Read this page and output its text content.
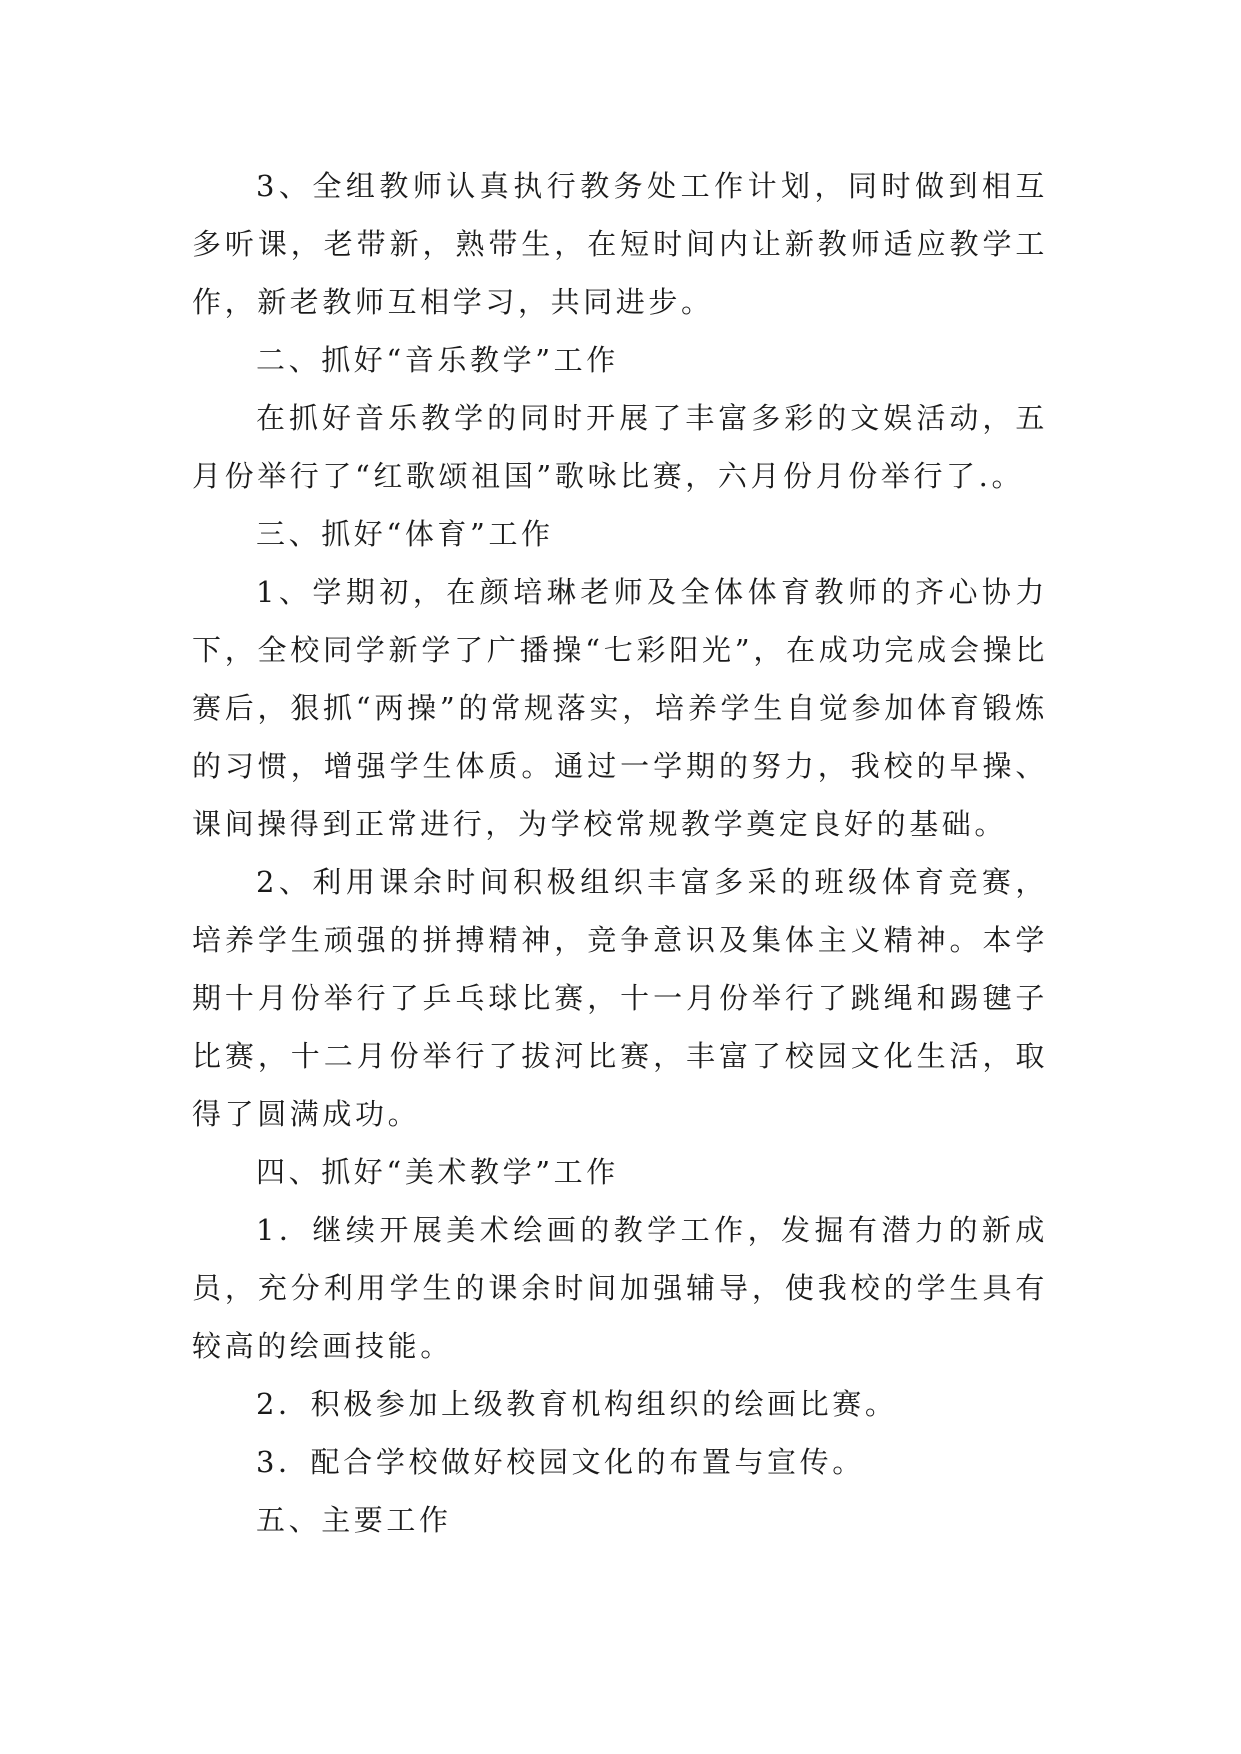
3、全组教师认真执行教务处工作计划，同时做到相互多听课，老带新，熟带生，在短时间内让新教师适应教学工作，新老教师互相学习，共同进步。

二、抓好“音乐教学”工作

在抓好音乐教学的同时开展了丰富多彩的文娱活动，五月份举行了“红歌颂祖国”歌咏比赛，六月份月份举行了.。

三、抓好“体育”工作

1、学期初，在颜培琳老师及全体体育教师的齐心协力下，全校同学新学了广播操“七彩阳光”，在成功完成会操比赛后，狠抓“两操”的常规落实，培养学生自觉参加体育锻炼的习惯，增强学生体质。通过一学期的努力，我校的早操、课间操得到正常进行，为学校常规教学奠定良好的基础。

2、利用课余时间积极组织丰富多采的班级体育竞赛，培养学生顽强的拼搏精神，竞争意识及集体主义精神。本学期十月份举行了乒乓球比赛，十一月份举行了跳绳和踢毽子比赛，十二月份举行了拔河比赛，丰富了校园文化生活，取得了圆满成功。

四、抓好“美术教学”工作

1．继续开展美术绘画的教学工作，发掘有潜力的新成员，充分利用学生的课余时间加强辅导，使我校的学生具有较高的绘画技能。

2．积极参加上级教育机构组织的绘画比赛。

3．配合学校做好校园文化的布置与宣传。

五、主要工作
